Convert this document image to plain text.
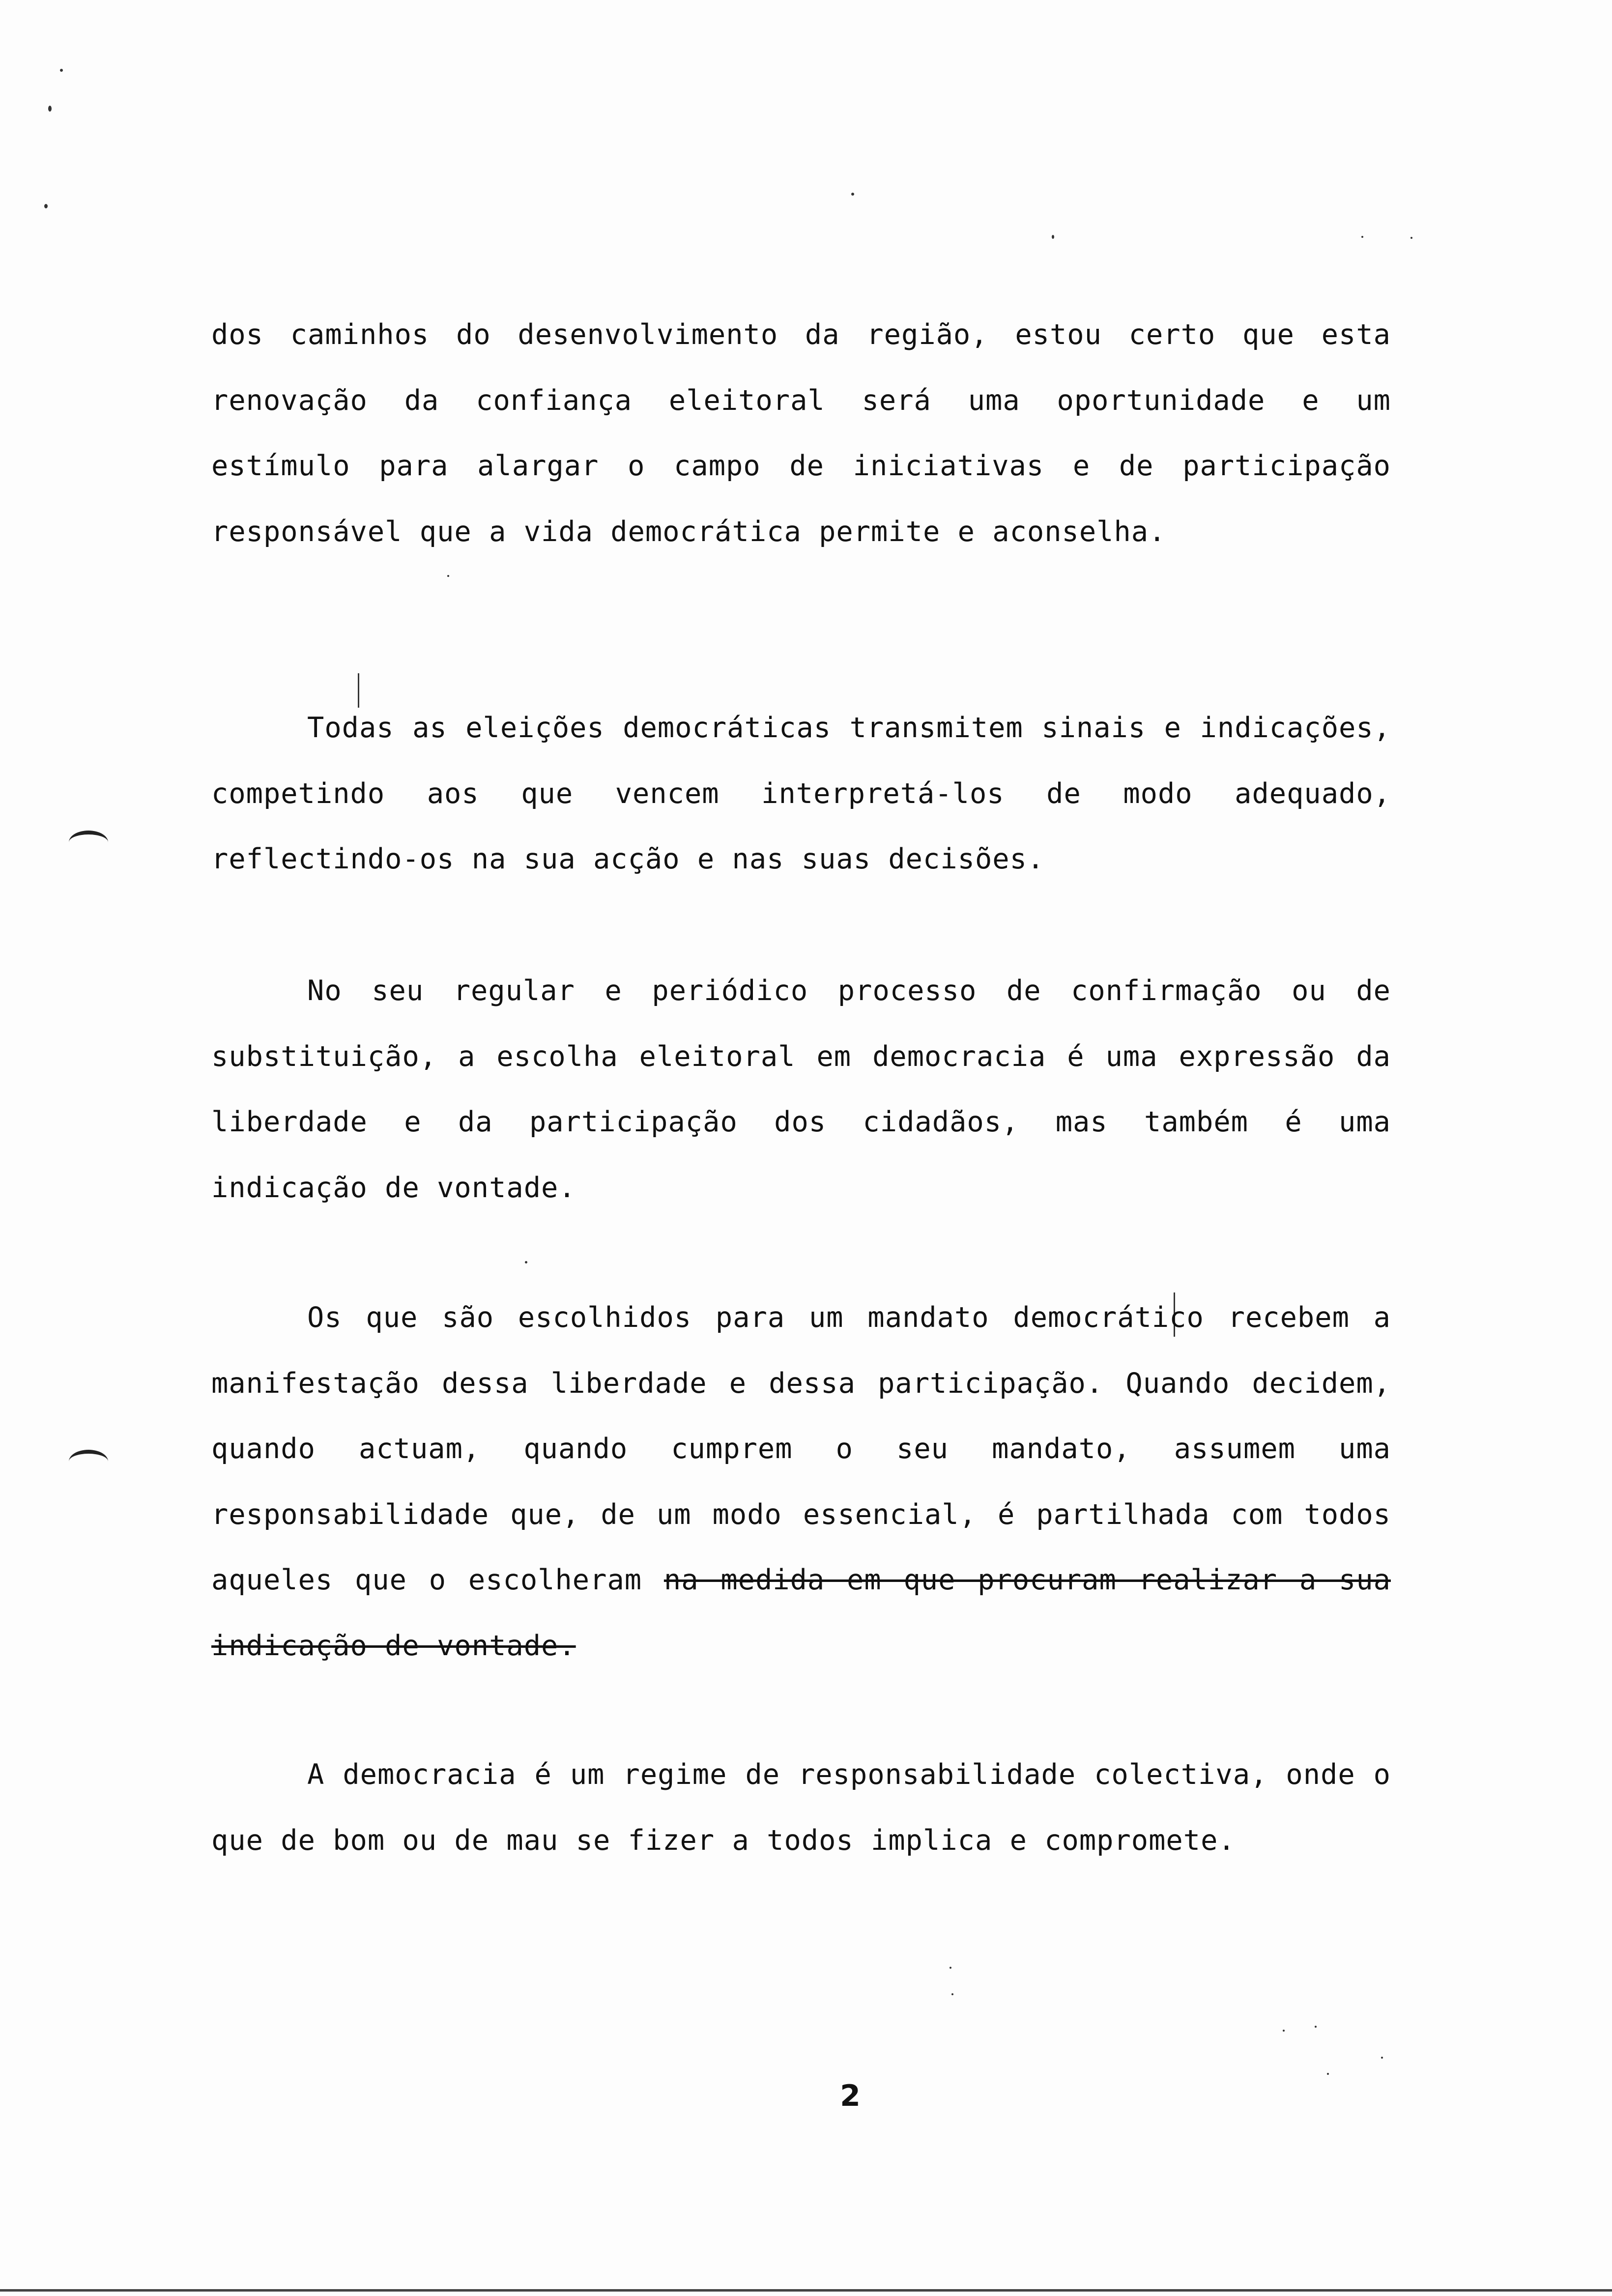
dos caminhos do desenvolvimento da região, estou certo que esta renovação da confiança eleitoral será uma oportunidade e um estímulo para alargar o campo de iniciativas e de participação responsável que a vida democrática permite e aconselha.

Todas as eleições democráticas transmitem sinais e indicações, competindo aos que vencem interpretá-los de modo adequado, reflectindo-os na sua acção e nas suas decisões.

No seu regular e periódico processo de confirmação ou de substituição, a escolha eleitoral em democracia é uma expressão da liberdade e da participação dos cidadãos, mas também é uma indicação de vontade.

Os que são escolhidos para um mandato democrático recebem a manifestação dessa liberdade e dessa participação. Quando decidem, quando actuam, quando cumprem o seu mandato, assumem uma responsabilidade que, de um modo essencial, é partilhada com todos aqueles que o escolheram na medida em que procuram realizar a sua indicação de vontade.

A democracia é um regime de responsabilidade colectiva, onde o que de bom ou de mau se fizer a todos implica e compromete.

2
